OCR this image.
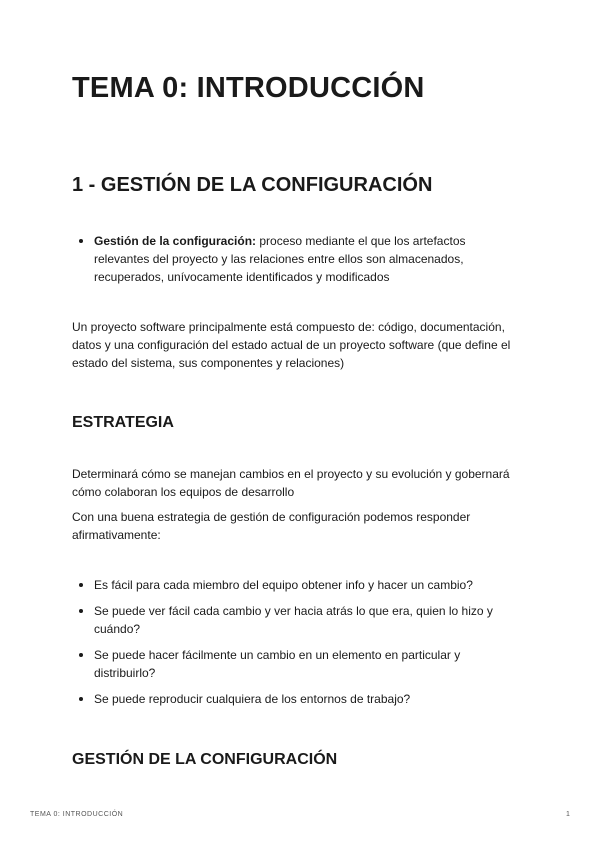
TEMA 0: INTRODUCCIÓN
1 - GESTIÓN DE LA CONFIGURACIÓN
Gestión de la configuración: proceso mediante el que los artefactos relevantes del proyecto y las relaciones entre ellos son almacenados, recuperados, unívocamente identificados y modificados

Un proyecto software principalmente está compuesto de: código, documentación, datos y una configuración del estado actual de un proyecto software (que define el estado del sistema, sus componentes y relaciones)

ESTRATEGIA

Determinará cómo se manejan cambios en el proyecto y su evolución y gobernará cómo colaboran los equipos de desarrollo

Con una buena estrategia de gestión de configuración podemos responder afirmativamente:

Es fácil para cada miembro del equipo obtener info y hacer un cambio?
Se puede ver fácil cada cambio y ver hacia atrás lo que era, quien lo hizo y cuándo?
Se puede hacer fácilmente un cambio en un elemento en particular y distribuirlo?
Se puede reproducir cualquiera de los entornos de trabajo?
GESTIÓN DE LA CONFIGURACIÓN
TEMA 0: INTRODUCCIÓN	1
